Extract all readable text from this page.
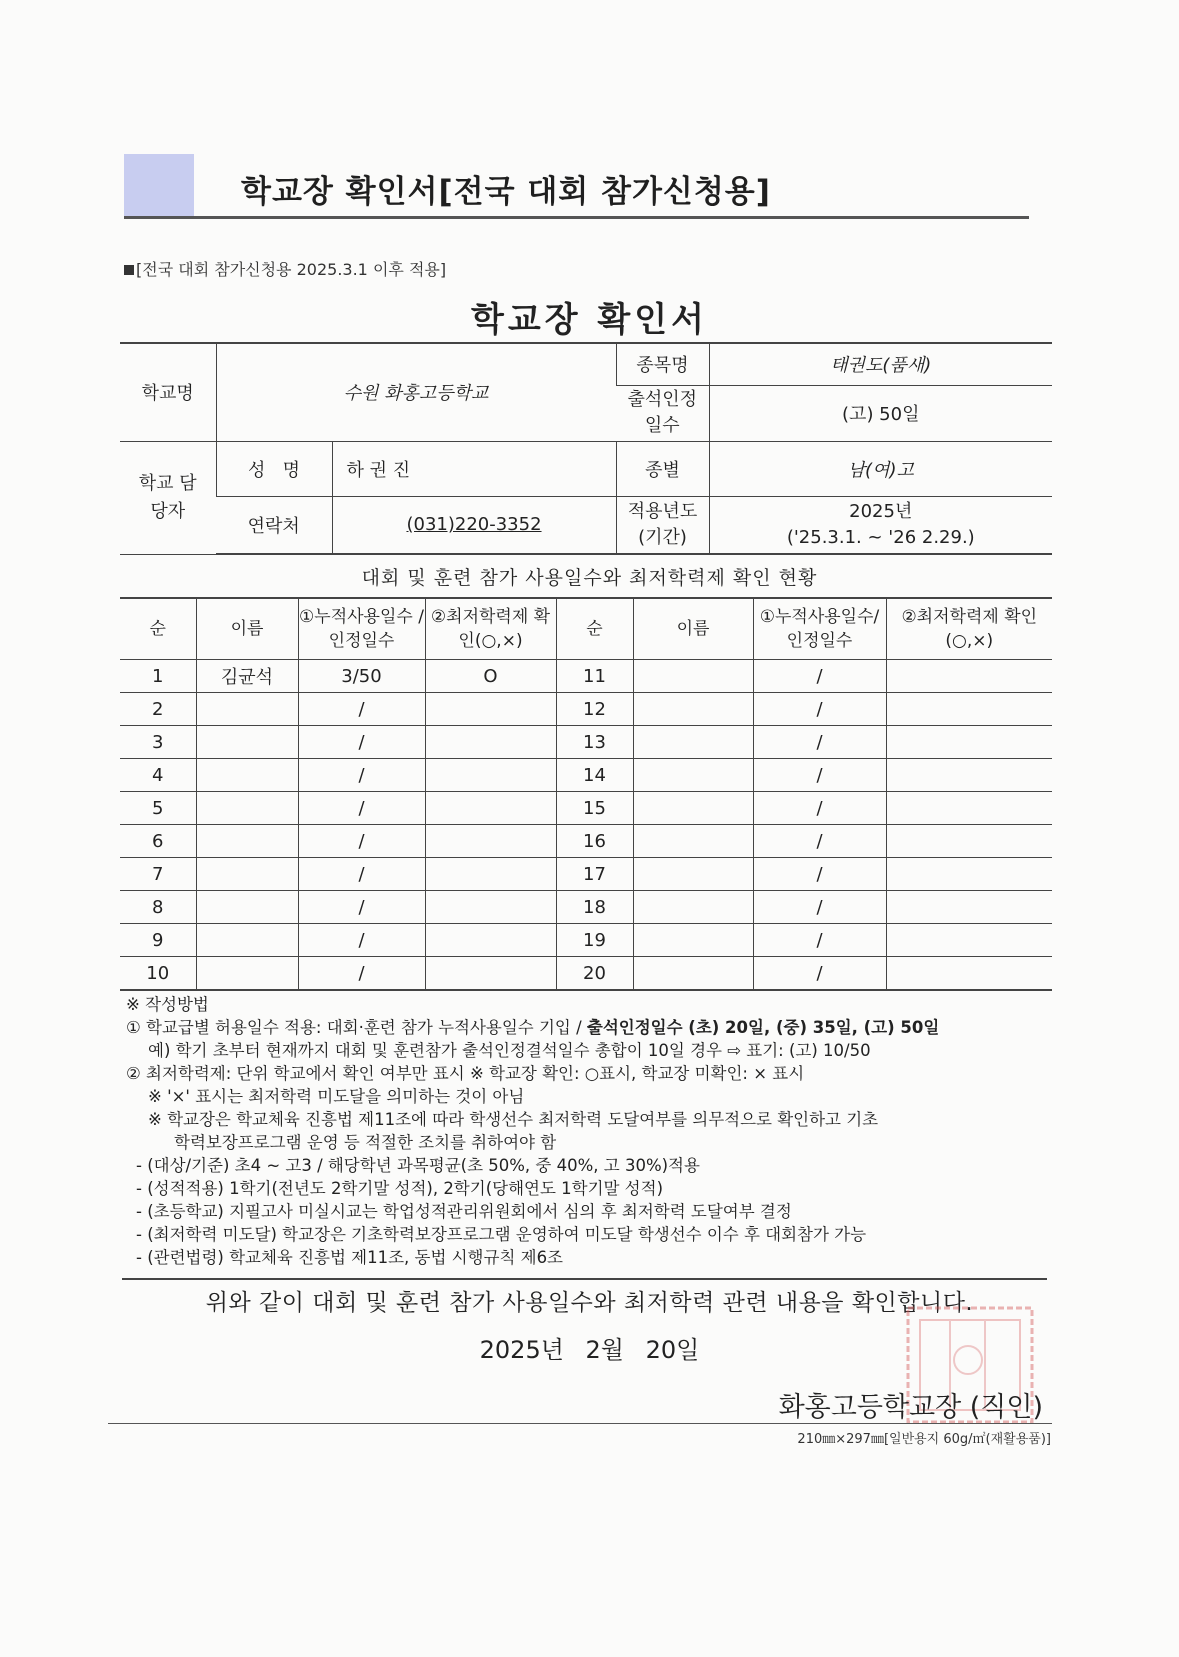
학교장 확인서[전국 대회 참가신청용]
[전국 대회 참가신청용 2025.3.1 이후 적용]
학교장 확인서
학교명	수원 화홍고등학교		종목명	태권도(품새)
			출석인정 일수	(고) 50일
학교 담당자	성   명	하 권 진	종별	남(여)고
	연락처	(031)220-3352	적용년도 (기간)	2025년
('25.3.1. ~ '26 2.29.)
대회 및 훈련 참가 사용일수와 최저학력제 확인 현황
순	이름	①누적사용일수 /인정일수	②최저학력제 확인(○,×)	순	이름	①누적사용일수/ 인정일수	②최저학력제 확인(○,×)
1	김균석	3/50	O	11		/	
2		/		12		/	
3		/		13		/	
4		/		14		/	
5		/		15		/	
6		/		16		/	
7		/		17		/	
8		/		18		/	
9		/		19		/	
10		/		20		/	
※ 작성방법
① 학교급별 허용일수 적용: 대회·훈련 참가 누적사용일수 기입 / 출석인정일수 (초) 20일, (중) 35일, (고) 50일
예) 학기 초부터 현재까지 대회 및 훈련참가 출석인정결석일수 총합이 10일 경우 ⇨ 표기: (고) 10/50
② 최저학력제: 단위 학교에서 확인 여부만 표시 ※ 학교장 확인: ○표시, 학교장 미확인: × 표시
※ '×' 표시는 최저학력 미도달을 의미하는 것이 아님
※ 학교장은 학교체육 진흥법 제11조에 따라 학생선수 최저학력 도달여부를 의무적으로 확인하고 기초
학력보장프로그램 운영 등 적절한 조치를 취하여야 함
- (대상/기준) 초4 ~ 고3 / 해당학년 과목평균(초 50%, 중 40%, 고 30%)적용
- (성적적용) 1학기(전년도 2학기말 성적), 2학기(당해연도 1학기말 성적)
- (초등학교) 지필고사 미실시교는 학업성적관리위원회에서 심의 후 최저학력 도달여부 결정
- (최저학력 미도달) 학교장은 기초학력보장프로그램 운영하여 미도달 학생선수 이수 후 대회참가 가능
- (관련법령) 학교체육 진흥법 제11조, 동법 시행규칙 제6조
위와 같이 대회 및 훈련 참가 사용일수와 최저학력 관련 내용을 확인합니다.
2025년 2월 20일
화홍고등학교장 (직인)
210㎜×297㎜[일반용지 60g/㎡(재활용품)]
